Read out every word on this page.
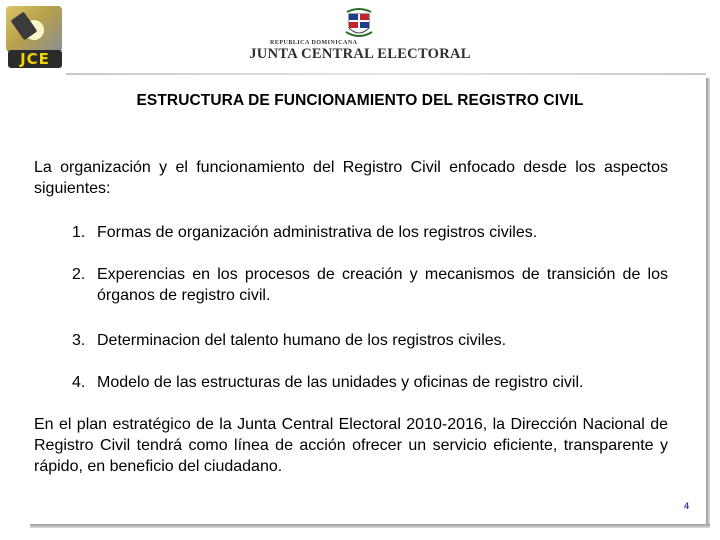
JCE
REPUBLICA DOMINICANA
JUNTA CENTRAL ELECTORAL
ESTRUCTURA DE FUNCIONAMIENTO DEL REGISTRO CIVIL
La organización y el funcionamiento del Registro Civil enfocado desde los aspectos siguientes:
1. Formas de organización administrativa de los registros civiles.
2. Experencias en los procesos de creación y mecanismos de transición de los órganos de registro civil.
3. Determinacion del talento humano de los registros civiles.
4. Modelo de las estructuras de las unidades y oficinas de registro civil.
En el plan estratégico de la Junta Central Electoral 2010-2016, la Dirección Nacional de Registro Civil tendrá como línea de acción ofrecer un servicio eficiente, transparente y rápido, en beneficio del ciudadano.
4
